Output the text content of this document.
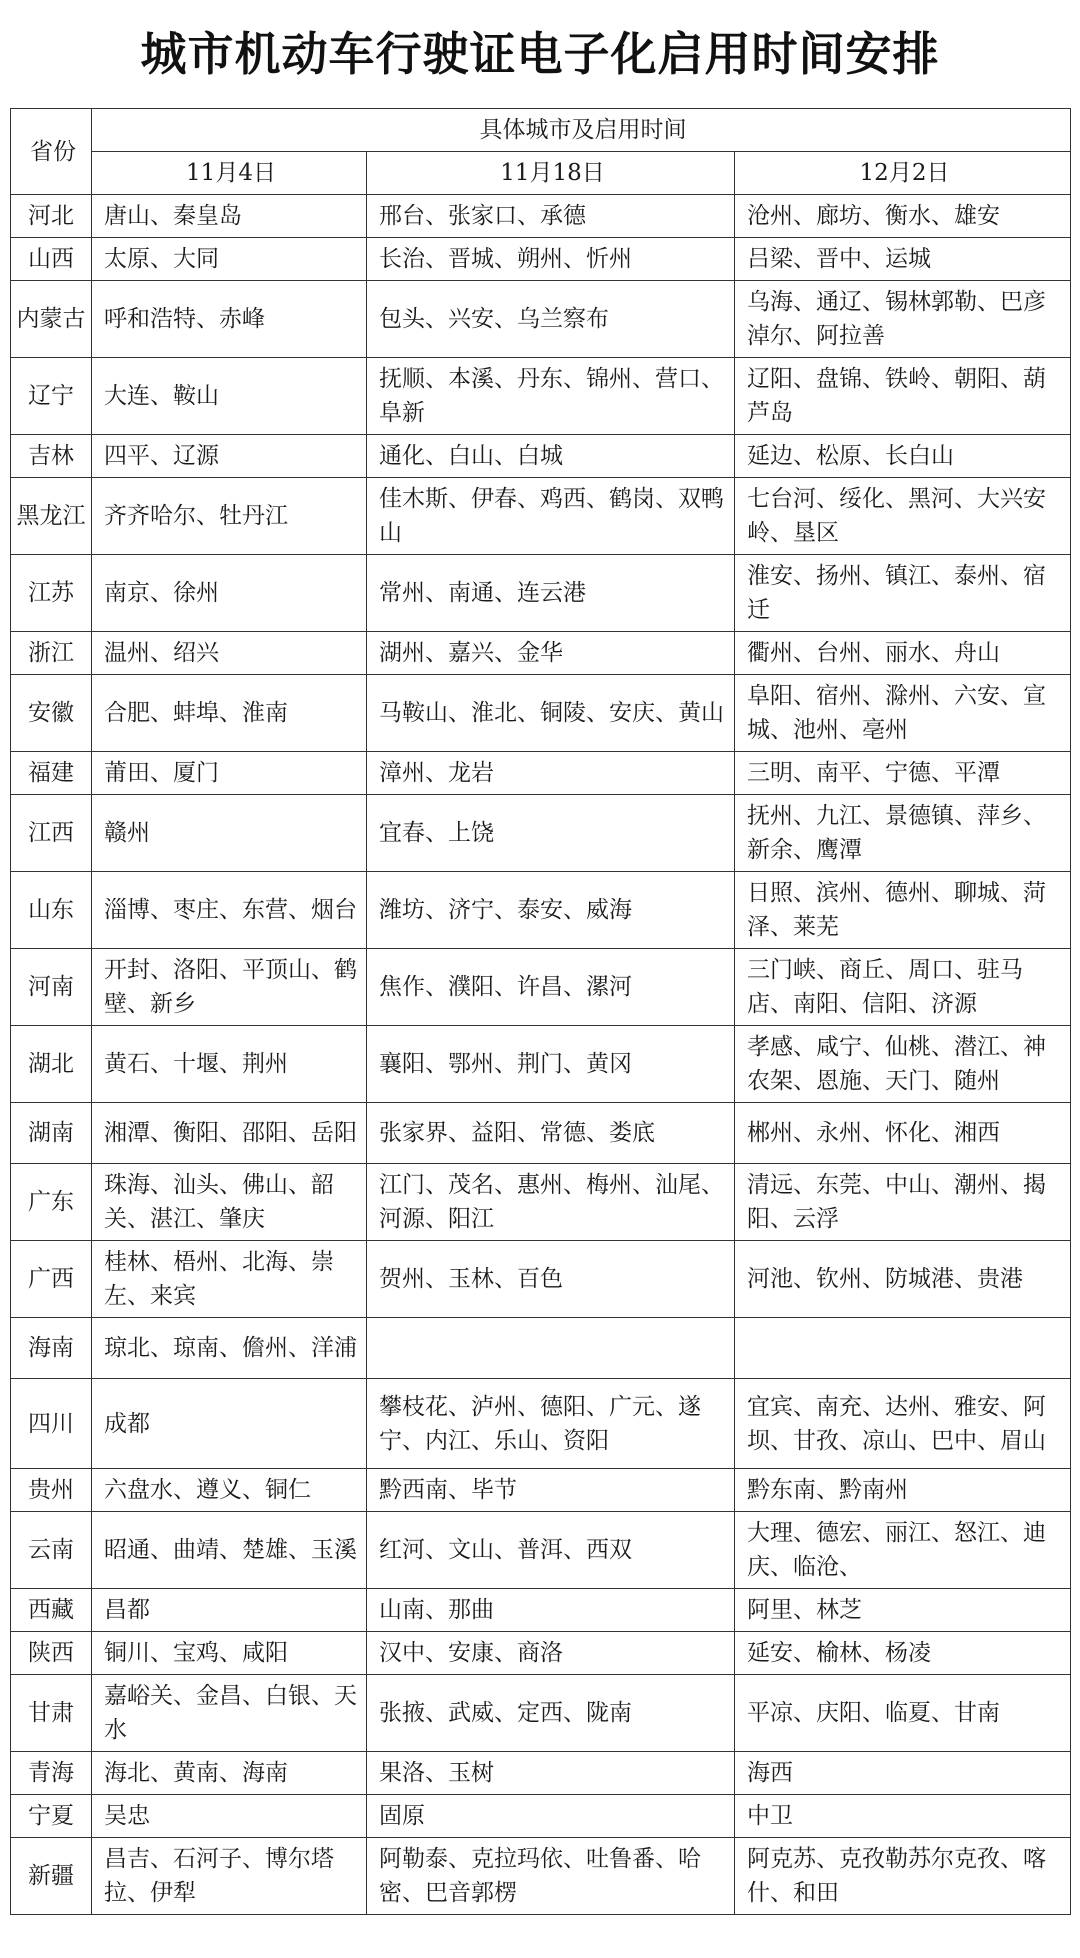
城市机动车行驶证电子化启用时间安排
省份	具体城市及启用时间		
	11月4日	11月18日	12月2日
河北	唐山、秦皇岛	邢台、张家口、承德	沧州、廊坊、衡水、雄安
山西	太原、大同	长治、晋城、朔州、忻州	吕梁、晋中、运城
内蒙古	呼和浩特、赤峰	包头、兴安、乌兰察布	乌海、通辽、锡林郭勒、巴彦淖尔、阿拉善
辽宁	大连、鞍山	抚顺、本溪、丹东、锦州、营口、阜新	辽阳、盘锦、铁岭、朝阳、葫芦岛
吉林	四平、辽源	通化、白山、白城	延边、松原、长白山
黑龙江	齐齐哈尔、牡丹江	佳木斯、伊春、鸡西、鹤岗、双鸭山	七台河、绥化、黑河、大兴安岭、垦区
江苏	南京、徐州	常州、南通、连云港	淮安、扬州、镇江、泰州、宿迁
浙江	温州、绍兴	湖州、嘉兴、金华	衢州、台州、丽水、舟山
安徽	合肥、蚌埠、淮南	马鞍山、淮北、铜陵、安庆、黄山	阜阳、宿州、滁州、六安、宣城、池州、亳州
福建	莆田、厦门	漳州、龙岩	三明、南平、宁德、平潭
江西	赣州	宜春、上饶	抚州、九江、景德镇、萍乡、新余、鹰潭
山东	淄博、枣庄、东营、烟台	潍坊、济宁、泰安、威海	日照、滨州、德州、聊城、菏泽、莱芜
河南	开封、洛阳、平顶山、鹤壁、新乡	焦作、濮阳、许昌、漯河	三门峡、商丘、周口、驻马店、南阳、信阳、济源
湖北	黄石、十堰、荆州	襄阳、鄂州、荆门、黄冈	孝感、咸宁、仙桃、潜江、神农架、恩施、天门、随州
湖南	湘潭、衡阳、邵阳、岳阳	张家界、益阳、常德、娄底	郴州、永州、怀化、湘西
广东	珠海、汕头、佛山、韶关、湛江、肇庆	江门、茂名、惠州、梅州、汕尾、河源、阳江	清远、东莞、中山、潮州、揭阳、云浮
广西	桂林、梧州、北海、崇左、来宾	贺州、玉林、百色	河池、钦州、防城港、贵港
海南	琼北、琼南、儋州、洋浦		
四川	成都	攀枝花、泸州、德阳、广元、遂宁、内江、乐山、资阳	宜宾、南充、达州、雅安、阿坝、甘孜、凉山、巴中、眉山
贵州	六盘水、遵义、铜仁	黔西南、毕节	黔东南、黔南州
云南	昭通、曲靖、楚雄、玉溪	红河、文山、普洱、西双	大理、德宏、丽江、怒江、迪庆、临沧、
西藏	昌都	山南、那曲	阿里、林芝
陕西	铜川、宝鸡、咸阳	汉中、安康、商洛	延安、榆林、杨凌
甘肃	嘉峪关、金昌、白银、天水	张掖、武威、定西、陇南	平凉、庆阳、临夏、甘南
青海	海北、黄南、海南	果洛、玉树	海西
宁夏	吴忠	固原	中卫
新疆	昌吉、石河子、博尔塔拉、伊犁	阿勒泰、克拉玛依、吐鲁番、哈密、巴音郭楞	阿克苏、克孜勒苏尔克孜、喀什、和田
